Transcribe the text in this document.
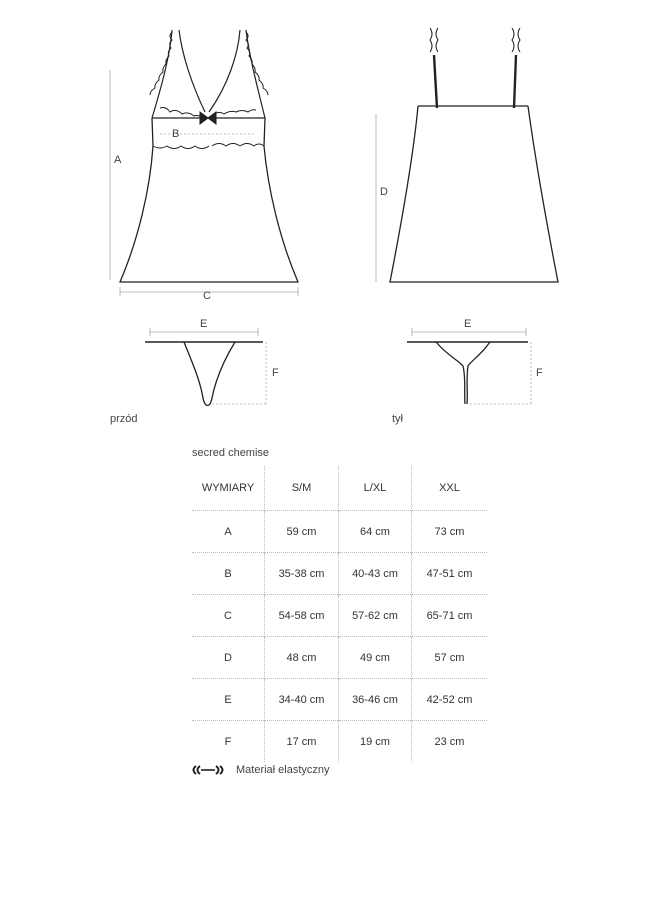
A
B
C
D
E	E
F	F
przód	tył
secred chemise
WYMIARY	S/M	L/XL	XXL
A	59 cm	64 cm	73 cm
B	35-38 cm	40-43 cm	47-51 cm
C	54-58 cm	57-62 cm	65-71 cm
D	48 cm	49 cm	57 cm
E	34-40 cm	36-46 cm	42-52 cm
F	17 cm	19 cm	23 cm
Materiał elastyczny
